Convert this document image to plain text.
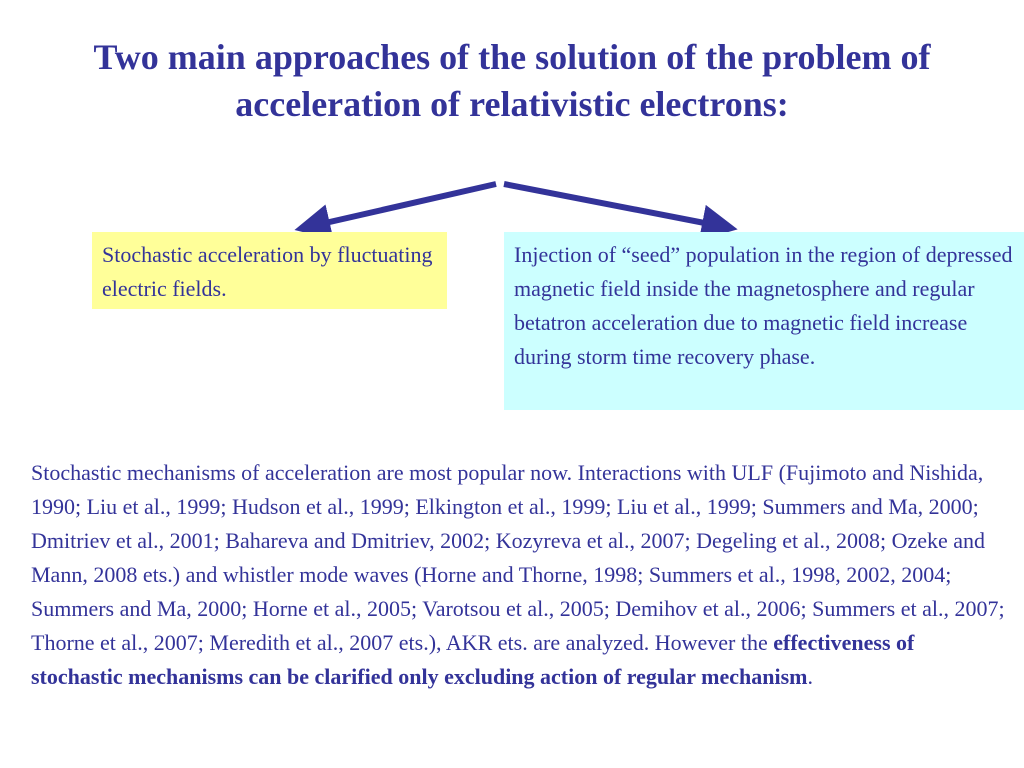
Two main approaches of the solution of the problem of acceleration of relativistic electrons:
Stochastic acceleration by fluctuating electric fields.
Injection of “seed” population in the region of depressed magnetic field inside the magnetosphere and regular betatron acceleration due to magnetic field increase during storm time recovery phase.

Stochastic mechanisms of acceleration are most popular now. Interactions with ULF (Fujimoto and Nishida, 1990; Liu et al., 1999; Hudson et al., 1999; Elkington et al., 1999; Liu et al., 1999; Summers and Ma, 2000; Dmitriev et al., 2001; Bahareva and Dmitriev, 2002; Kozyreva et al., 2007; Degeling et al., 2008; Ozeke and Mann, 2008 ets.) and whistler mode waves (Horne and Thorne, 1998; Summers et al., 1998, 2002, 2004; Summers and Ma, 2000; Horne et al., 2005; Varotsou et al., 2005; Demihov et al., 2006; Summers et al., 2007; Thorne et al., 2007; Meredith et al., 2007 ets.), AKR ets. are analyzed. However the effectiveness of stochastic mechanisms can be clarified only excluding action of regular mechanism.
